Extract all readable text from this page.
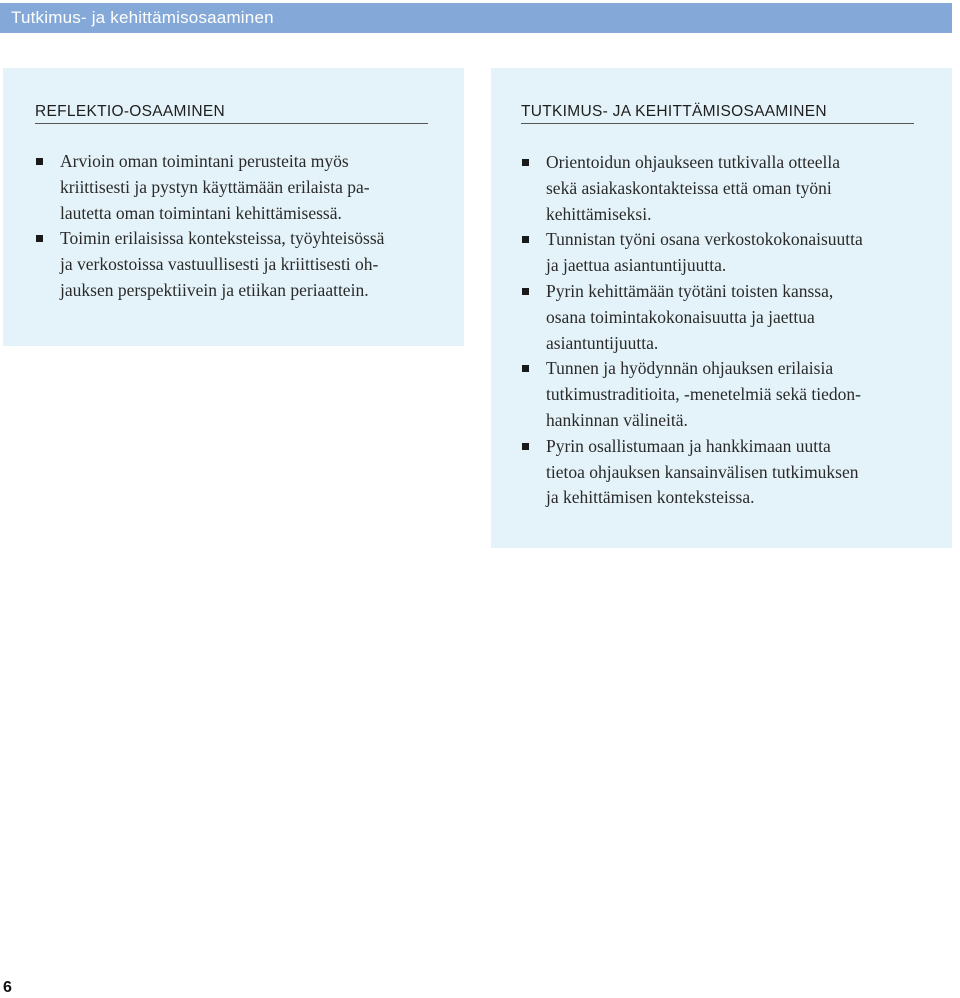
Tutkimus- ja kehittämisosaaminen
REFLEKTIO-OSAAMINEN
Arvioin oman toimintani perusteita myös
kriittisesti ja pystyn käyttämään erilaista pa-
lautetta oman toimintani kehittämisessä.
Toimin erilaisissa konteksteissa, työyhteisössä
ja verkostoissa vastuullisesti ja kriittisesti oh-
jauksen perspektiivein ja etiikan periaattein.
TUTKIMUS- JA KEHITTÄMISOSAAMINEN
Orientoidun ohjaukseen tutkivalla otteella
sekä asiakaskontakteissa että oman työni
kehittämiseksi.
Tunnistan työni osana verkostokokonaisuutta
ja jaettua asiantuntijuutta.
Pyrin kehittämään työtäni toisten kanssa,
osana toimintakokonaisuutta ja jaettua
asiantuntijuutta.
Tunnen ja hyödynnän ohjauksen erilaisia
tutkimustraditioita, -menetelmiä sekä tiedon-
hankinnan välineitä.
Pyrin osallistumaan ja hankkimaan uutta
tietoa ohjauksen kansainvälisen tutkimuksen
ja kehittämisen konteksteissa.
6
